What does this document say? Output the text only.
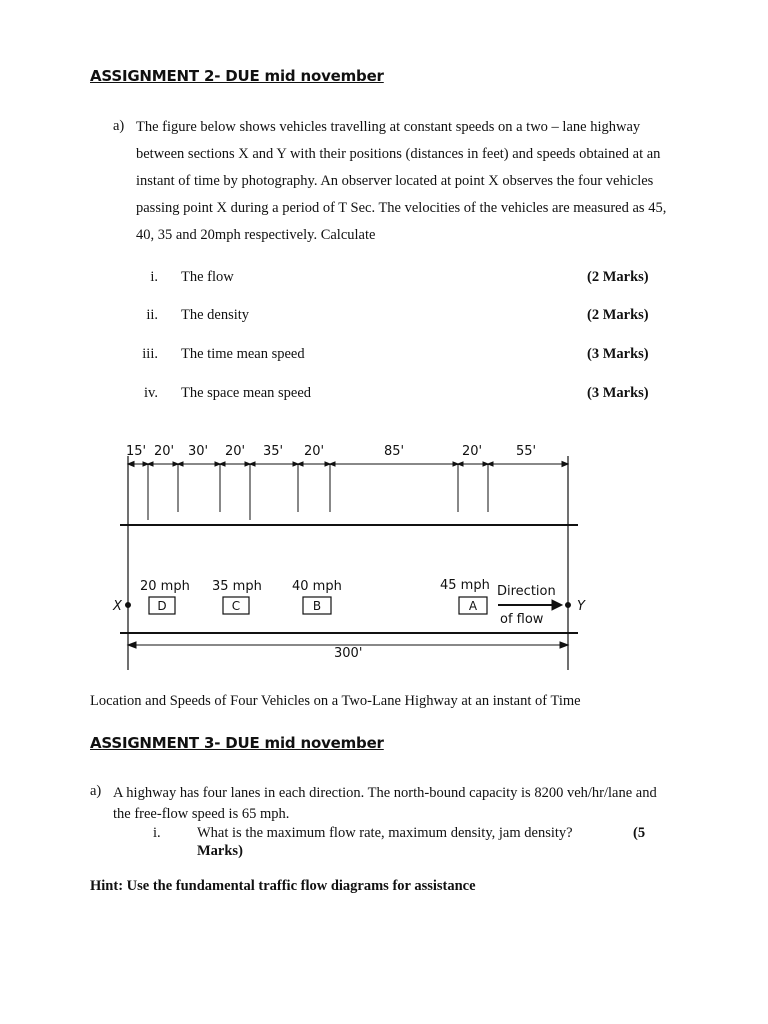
ASSIGNMENT 2- DUE mid november
a) The figure below shows vehicles travelling at constant speeds on a two – lane highway between sections X and Y with their positions (distances in feet) and speeds obtained at an instant of time by photography. An observer located at point X observes the four vehicles passing point X during a period of T Sec. The velocities of the vehicles are measured as 45, 40, 35 and 20mph respectively. Calculate
i. The flow	(2 Marks)
ii. The density	(2 Marks)
iii. The time mean speed	(3 Marks)
iv. The space mean speed	(3 Marks)
15' 20' 30' 20' 35' 20'	85'	20'	55'
20 mph 35 mph 40 mph	45 mph
D	C	B	A
Direction
of flow
X	Y
300'
Location and Speeds of Four Vehicles on a Two-Lane Highway at an instant of Time
ASSIGNMENT 3- DUE mid november
a) A highway has four lanes in each direction. The north-bound capacity is 8200 veh/hr/lane and the free-flow speed is 65 mph.
i.	What is the maximum flow rate, maximum density, jam density?	(5
Marks)
Hint: Use the fundamental traffic flow diagrams for assistance
